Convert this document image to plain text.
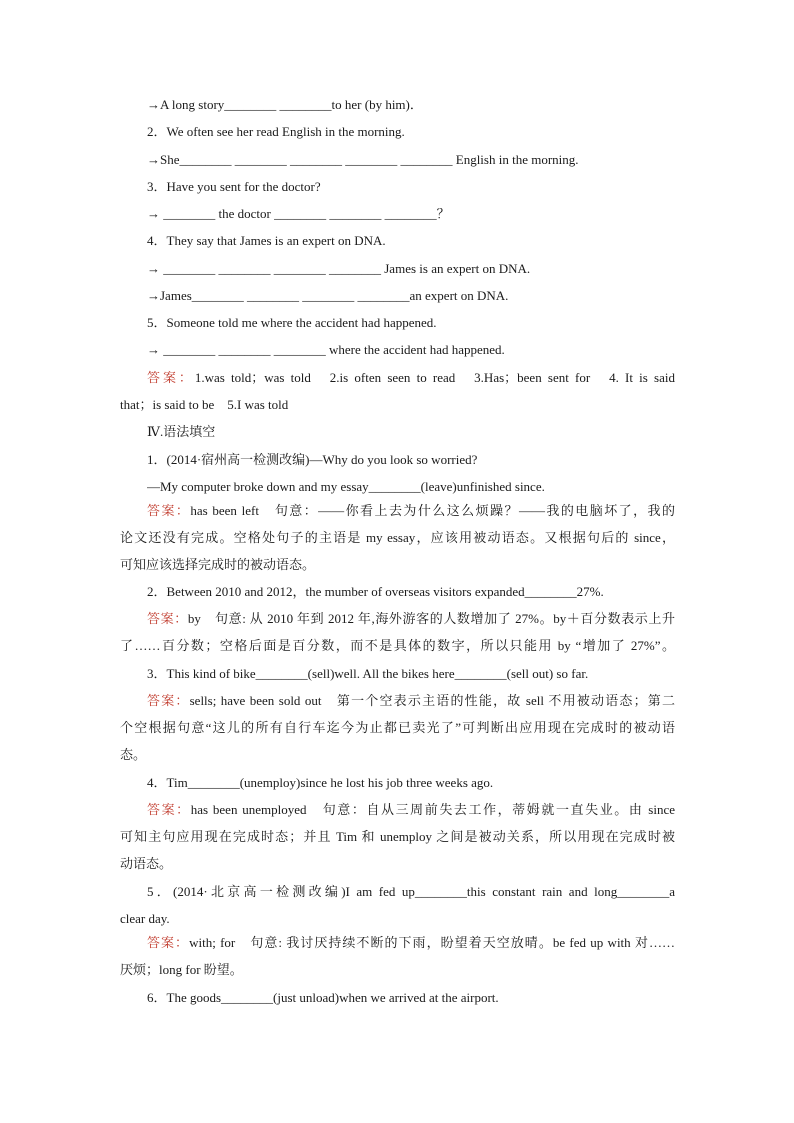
→A long story________ ________to her (by him)．
2．We often see her read English in the morning.
→She________ ________ ________ ________ ________ English in the morning.
3．Have you sent for the doctor?
→ ________ the doctor ________ ________ ________？
4．They say that James is an expert on DNA.
→ ________ ________ ________ ________ James is an expert on DNA.
→James________ ________ ________ ________an expert on DNA.
5．Someone told me where the accident had happened.
→ ________ ________ ________ where the accident had happened.
答案：1.was told；was told　2.is often seen to read　3.Has；been sent for　4. It is said
that；is said to be　5.I was told
Ⅳ.语法填空
1．(2014·宿州高一检测改编)—Why do you look so worried?
—My computer broke down and my essay________(leave)unfinished since.
答案：has been left　句意：——你看上去为什么这么烦躁？——我的电脑坏了，我的
论文还没有完成。空格处句子的主语是 my essay，应该用被动语态。又根据句后的 since，
可知应该选择完成时的被动语态。
2．Between 2010 and 2012，the mumber of overseas visitors expanded________27%.
答案：by　句意: 从 2010 年到 2012 年,海外游客的人数增加了 27%。by＋百分数表示上升
了……百分数；空格后面是百分数，而不是具体的数字，所以只能用 by “增加了 27%”。
3．This kind of bike________(sell)well. All the bikes here________(sell out) so far.
答案：sells; have been sold out　第一个空表示主语的性能，故 sell 不用被动语态；第二
个空根据句意“这儿的所有自行车迄今为止都已卖光了”可判断出应用现在完成时的被动语
态。
4．Tim________(unemploy)since he lost his job three weeks ago.
答案：has been unemployed　句意：自从三周前失去工作，蒂姆就一直失业。由 since
可知主句应用现在完成时态；并且 Tim 和 unemploy 之间是被动关系，所以用现在完成时被
动语态。
5．(2014·北京高一检测改编)I am fed up________this constant rain and long________a
clear day.
答案：with; for　句意: 我讨厌持续不断的下雨，盼望着天空放晴。be fed up with 对……
厌烦；long for 盼望。
6．The goods________(just unload)when we arrived at the airport.
